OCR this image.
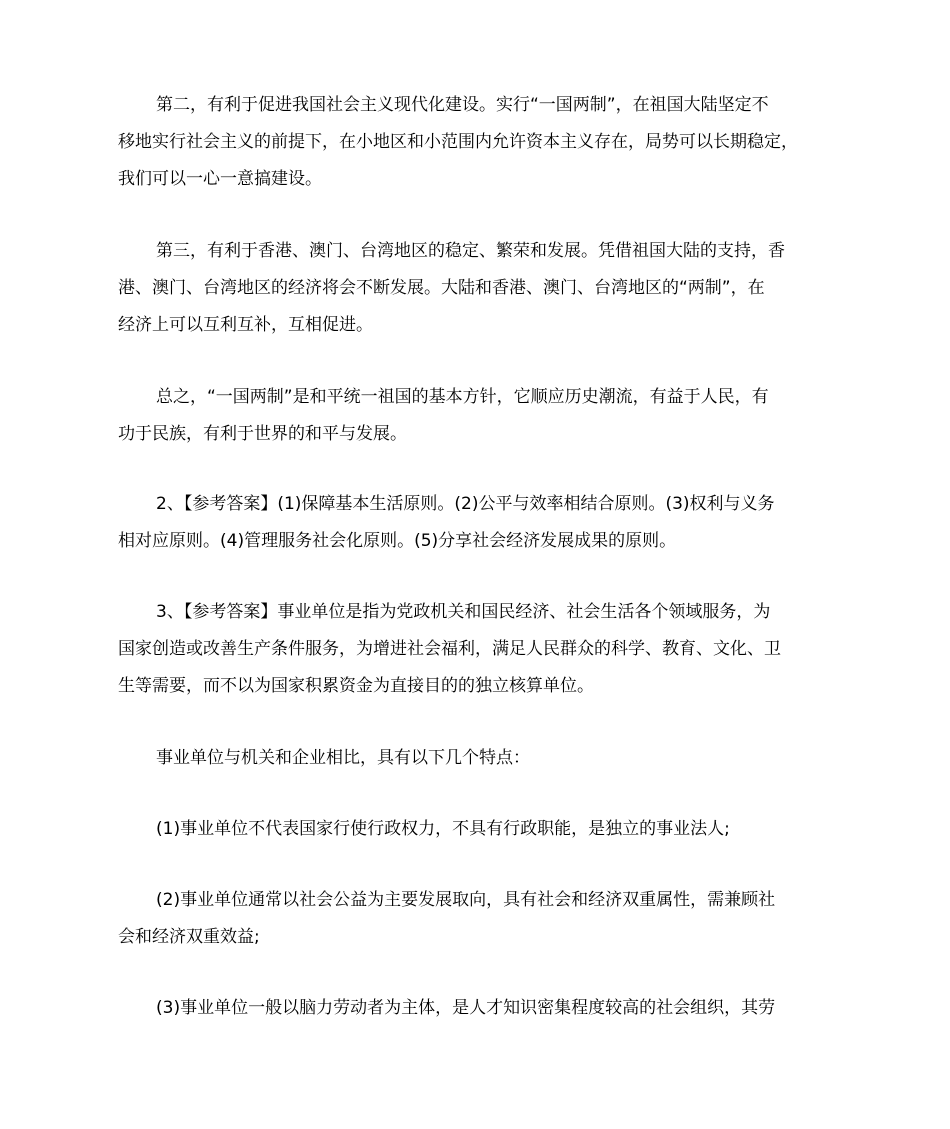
第二，有利于促进我国社会主义现代化建设。实行“一国两制”，在祖国大陆坚定不
移地实行社会主义的前提下，在小地区和小范围内允许资本主义存在，局势可以长期稳定，
我们可以一心一意搞建设。

第三，有利于香港、澳门、台湾地区的稳定、繁荣和发展。凭借祖国大陆的支持，香
港、澳门、台湾地区的经济将会不断发展。大陆和香港、澳门、台湾地区的“两制”，在
经济上可以互利互补，互相促进。

总之，“一国两制”是和平统一祖国的基本方针，它顺应历史潮流，有益于人民，有
功于民族，有利于世界的和平与发展。

2、【参考答案】(1)保障基本生活原则。(2)公平与效率相结合原则。(3)权利与义务
相对应原则。(4)管理服务社会化原则。(5)分享社会经济发展成果的原则。

3、【参考答案】事业单位是指为党政机关和国民经济、社会生活各个领域服务，为
国家创造或改善生产条件服务，为增进社会福利，满足人民群众的科学、教育、文化、卫
生等需要，而不以为国家积累资金为直接目的的独立核算单位。

事业单位与机关和企业相比，具有以下几个特点：

(1)事业单位不代表国家行使行政权力，不具有行政职能，是独立的事业法人;

(2)事业单位通常以社会公益为主要发展取向，具有社会和经济双重属性，需兼顾社
会和经济双重效益;

(3)事业单位一般以脑力劳动者为主体，是人才知识密集程度较高的社会组织，其劳
